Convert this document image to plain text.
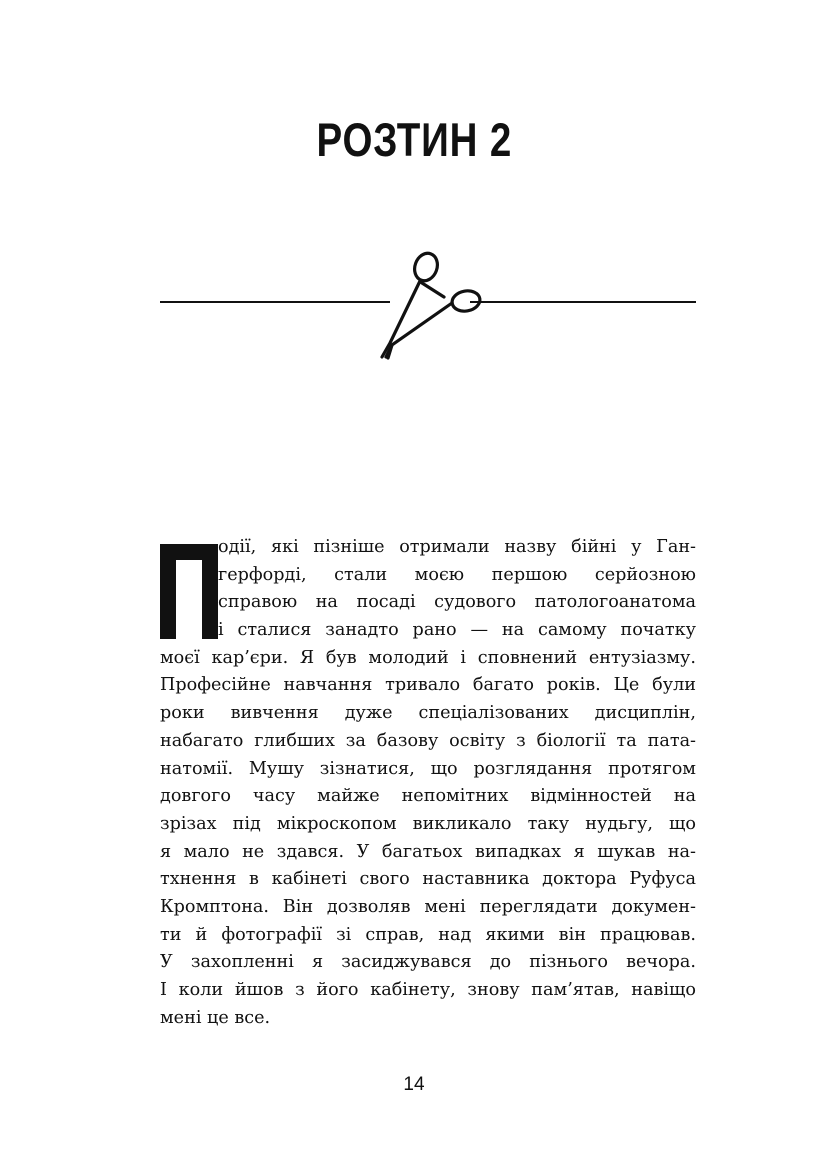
РОЗТИН 2
одії, які пізніше отримали назву бійні у Ган-
герфорді, стали моєю першою серйозною
справою на посаді судового патологоанатома
і сталися занадто рано — на самому початку
моєї кар’єри. Я був молодий і сповнений ентузіазму.
Професійне навчання тривало багато років. Це були
роки вивчення дуже спеціалізованих дисциплін,
набагато глибших за базову освіту з біології та пата-
натомії. Мушу зізнатися, що розглядання протягом
довгого часу майже непомітних відмінностей на
зрізах під мікроскопом викликало таку нудьгу, що
я мало не здався. У багатьох випадках я шукав на-
тхнення в кабінеті свого наставника доктора Руфуса
Кромптона. Він дозволяв мені переглядати докумен-
ти й фотографії зі справ, над якими він працював.
У захопленні я засиджувався до пізнього вечора.
І коли йшов з його кабінету, знову пам’ятав, навіщо
мені це все.
14
